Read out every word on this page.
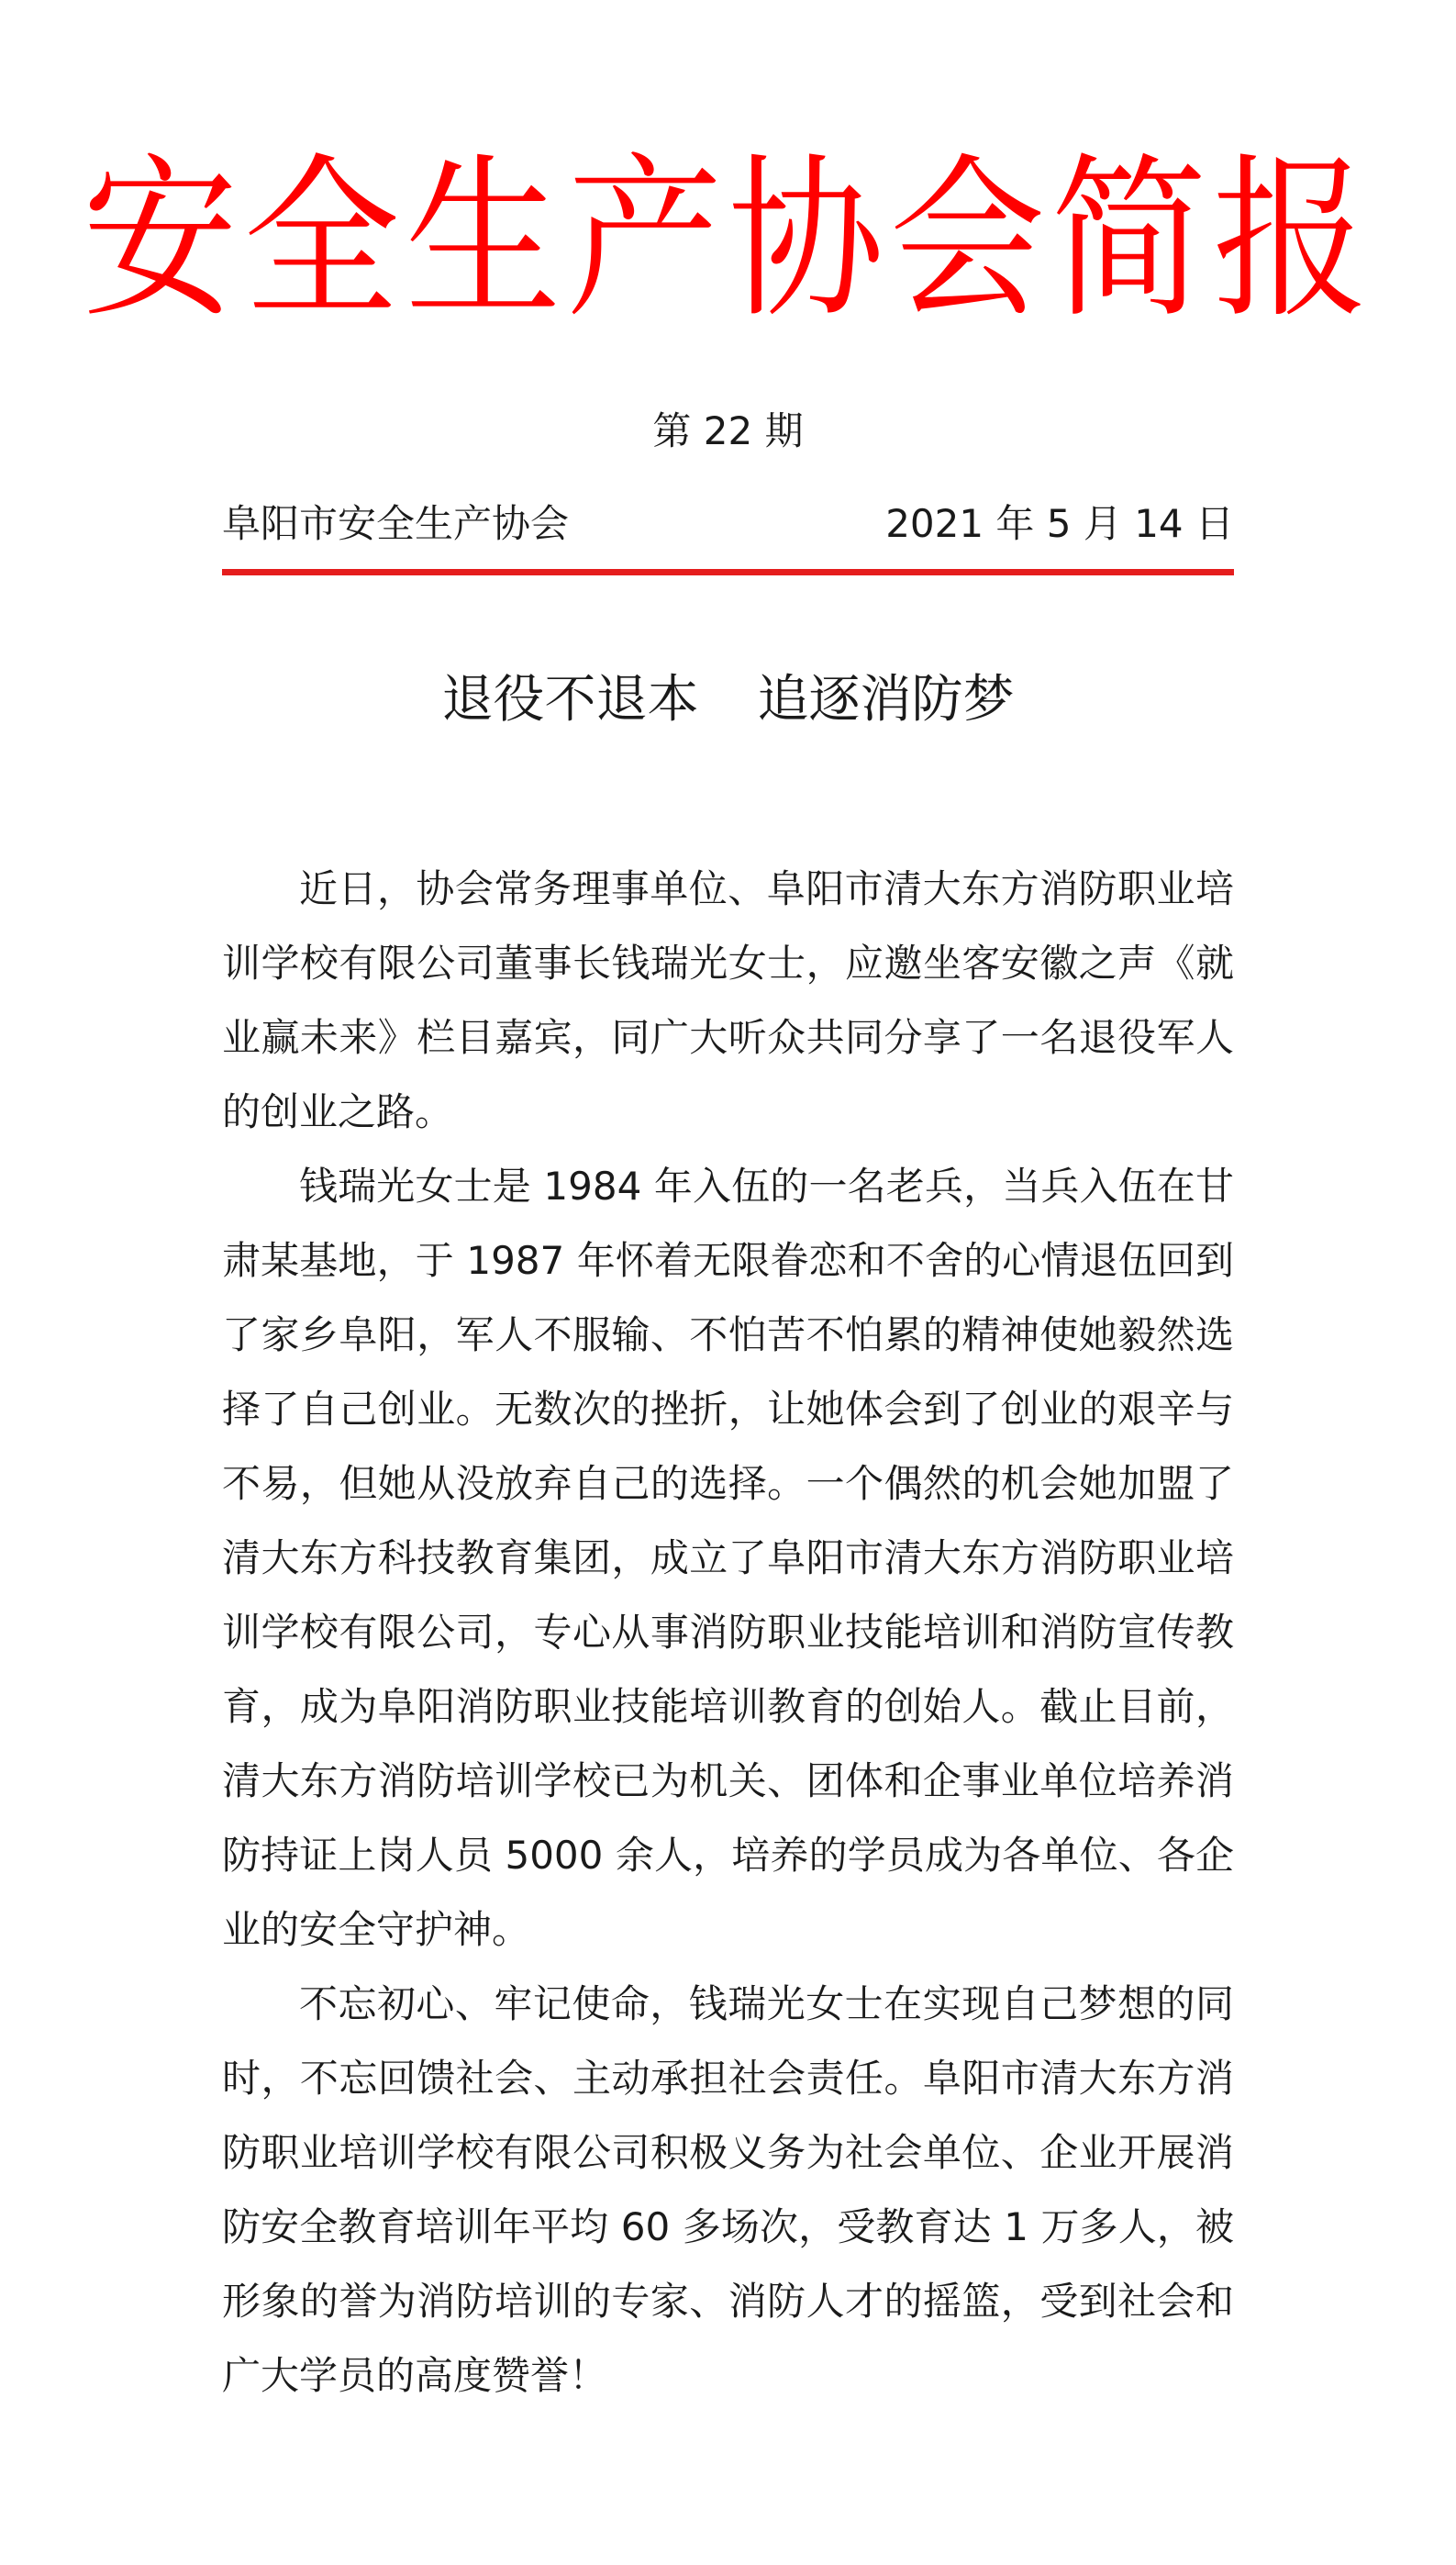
安全生产协会简报
第 22 期
阜阳市安全生产协会	2021 年 5 月 14 日
退役不退本 追逐消防梦

近日，协会常务理事单位、阜阳市清大东方消防职业培训学校有限公司董事长钱瑞光女士，应邀坐客安徽之声《就业赢未来》栏目嘉宾，同广大听众共同分享了一名退役军人的创业之路。

钱瑞光女士是 1984 年入伍的一名老兵，当兵入伍在甘肃某基地，于 1987 年怀着无限眷恋和不舍的心情退伍回到了家乡阜阳，军人不服输、不怕苦不怕累的精神使她毅然选择了自己创业。无数次的挫折，让她体会到了创业的艰辛与不易，但她从没放弃自己的选择。一个偶然的机会她加盟了清大东方科技教育集团，成立了阜阳市清大东方消防职业培训学校有限公司，专心从事消防职业技能培训和消防宣传教育，成为阜阳消防职业技能培训教育的创始人。截止目前，清大东方消防培训学校已为机关、团体和企事业单位培养消防持证上岗人员 5000 余人，培养的学员成为各单位、各企业的安全守护神。

不忘初心、牢记使命，钱瑞光女士在实现自己梦想的同时，不忘回馈社会、主动承担社会责任。阜阳市清大东方消防职业培训学校有限公司积极义务为社会单位、企业开展消防安全教育培训年平均 60 多场次，受教育达 1 万多人，被形象的誉为消防培训的专家、消防人才的摇篮，受到社会和广大学员的高度赞誉！
